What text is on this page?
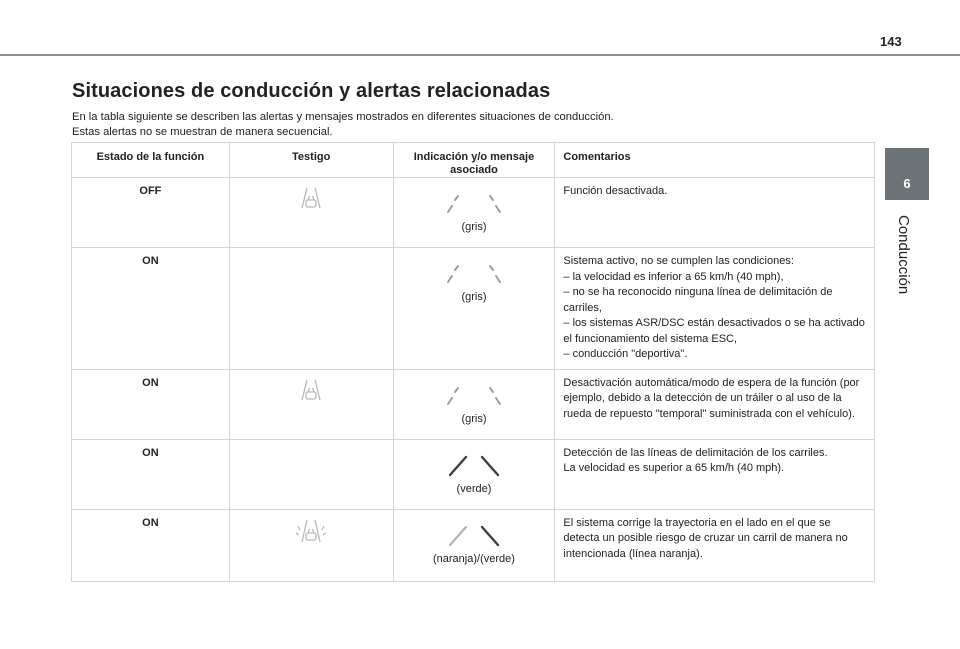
143
6
Conducción
Situaciones de conducción y alertas relacionadas

En la tabla siguiente se describen las alertas y mensajes mostrados en diferentes situaciones de conducción.

Estas alertas no se muestran de manera secuencial.

Estado de la función	Testigo	Indicación y/o mensaje asociado	Comentarios
OFF		(gris)	Función desactivada.

ON		(gris)	Sistema activo, no se cumplen las condiciones:

– la velocidad es inferior a 65 km/h (40 mph),

– no se ha reconocido ninguna línea de delimitación de carriles,

– los sistemas ASR/DSC están desactivados o se ha activado el funcionamiento del sistema ESC,

– conducción "deportiva".

ON		(gris)	Desactivación automática/modo de espera de la función (por ejemplo, debido a la detección de un tráiler o al uso de la rueda de repuesto "temporal" suministrada con el vehículo).

ON		(verde)	Detección de las líneas de delimitación de los carriles.

La velocidad es superior a 65 km/h (40 mph).

ON		(naranja)/(verde)	El sistema corrige la trayectoria en el lado en el que se detecta un posible riesgo de cruzar un carril de manera no intencionada (línea naranja).
